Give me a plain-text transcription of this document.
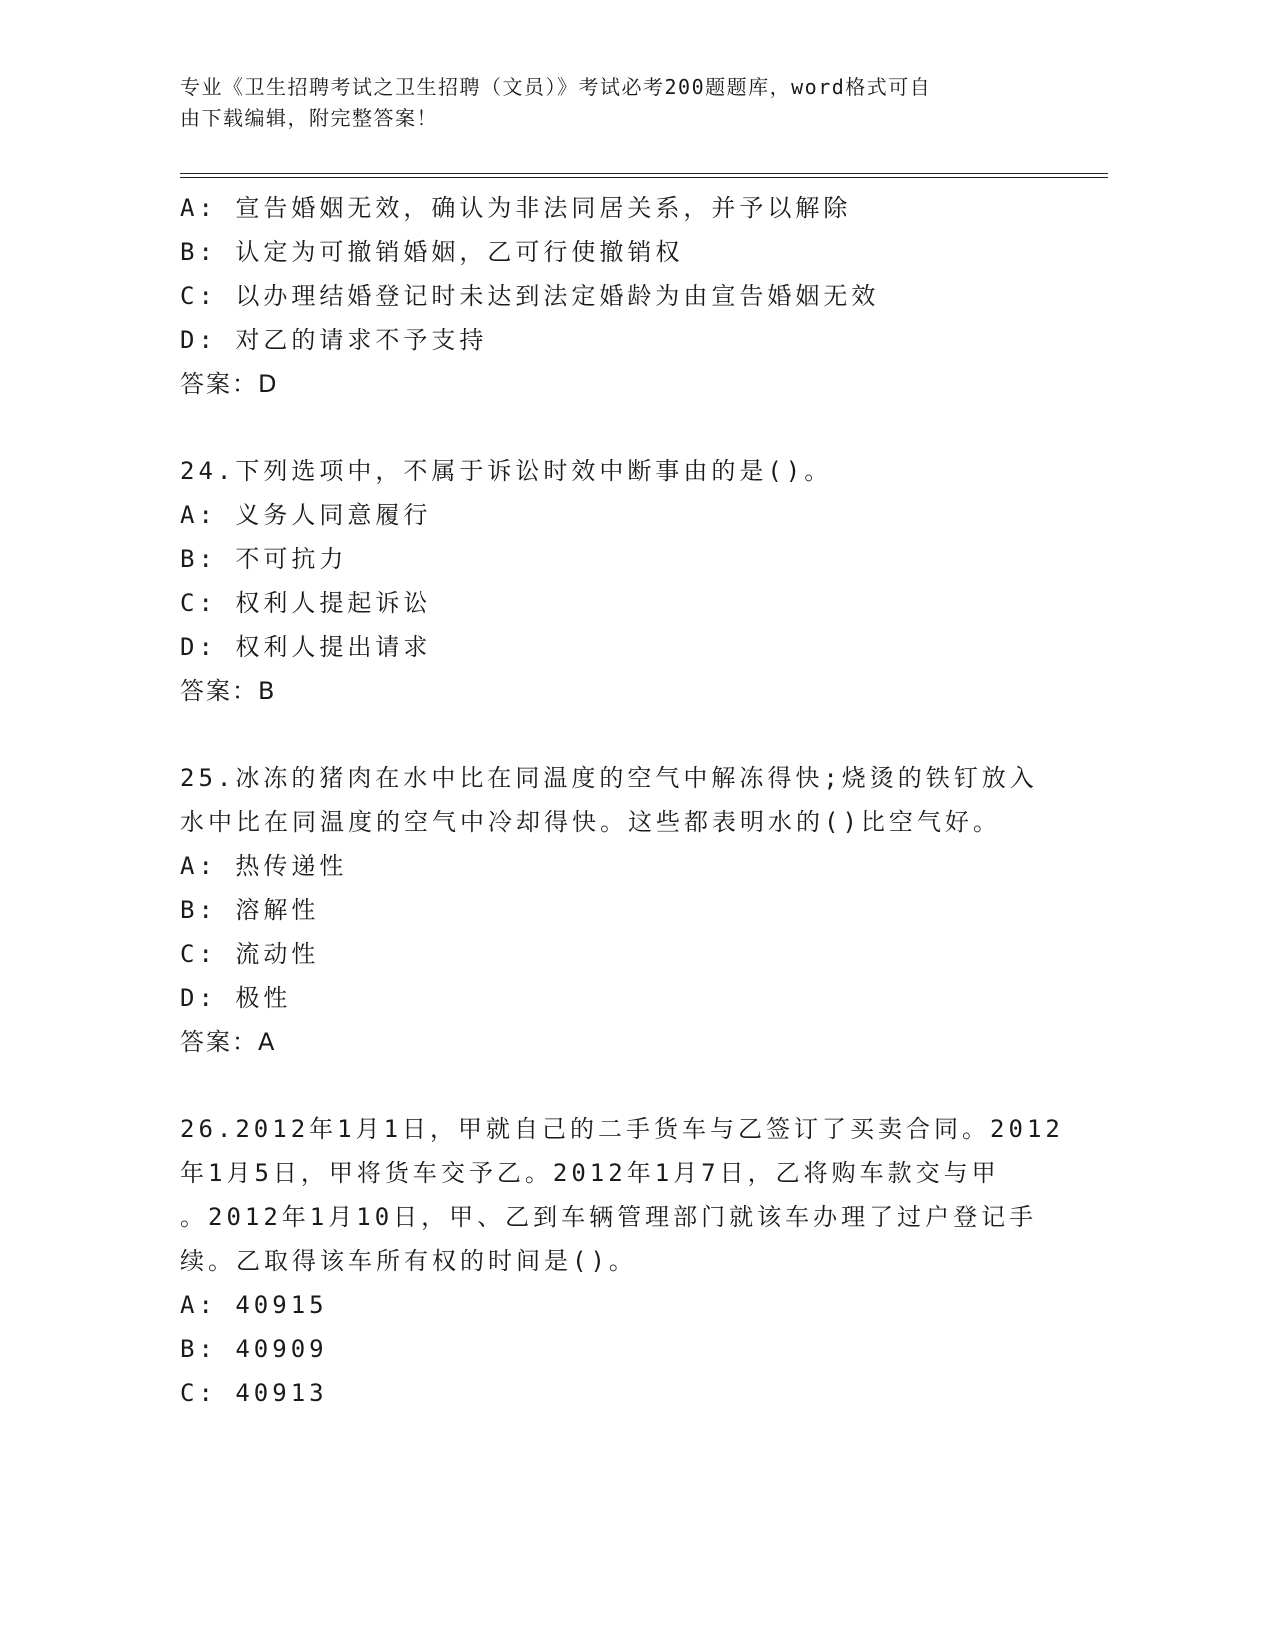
专业《卫生招聘考试之卫生招聘（文员）》考试必考200题题库，word格式可自
由下载编辑，附完整答案！
A: 宣告婚姻无效，确认为非法同居关系，并予以解除
B: 认定为可撤销婚姻，乙可行使撤销权
C: 以办理结婚登记时未达到法定婚龄为由宣告婚姻无效
D: 对乙的请求不予支持
答案：D
24.下列选项中，不属于诉讼时效中断事由的是()。
A: 义务人同意履行
B: 不可抗力
C: 权利人提起诉讼
D: 权利人提出请求
答案：B
25.冰冻的猪肉在水中比在同温度的空气中解冻得快;烧烫的铁钉放入
水中比在同温度的空气中冷却得快。这些都表明水的()比空气好。
A: 热传递性
B: 溶解性
C: 流动性
D: 极性
答案：A
26.2012年1月1日，甲就自己的二手货车与乙签订了买卖合同。2012
年1月5日，甲将货车交予乙。2012年1月7日，乙将购车款交与甲
。2012年1月10日，甲、乙到车辆管理部门就该车办理了过户登记手
续。乙取得该车所有权的时间是()。
A: 40915
B: 40909
C: 40913
